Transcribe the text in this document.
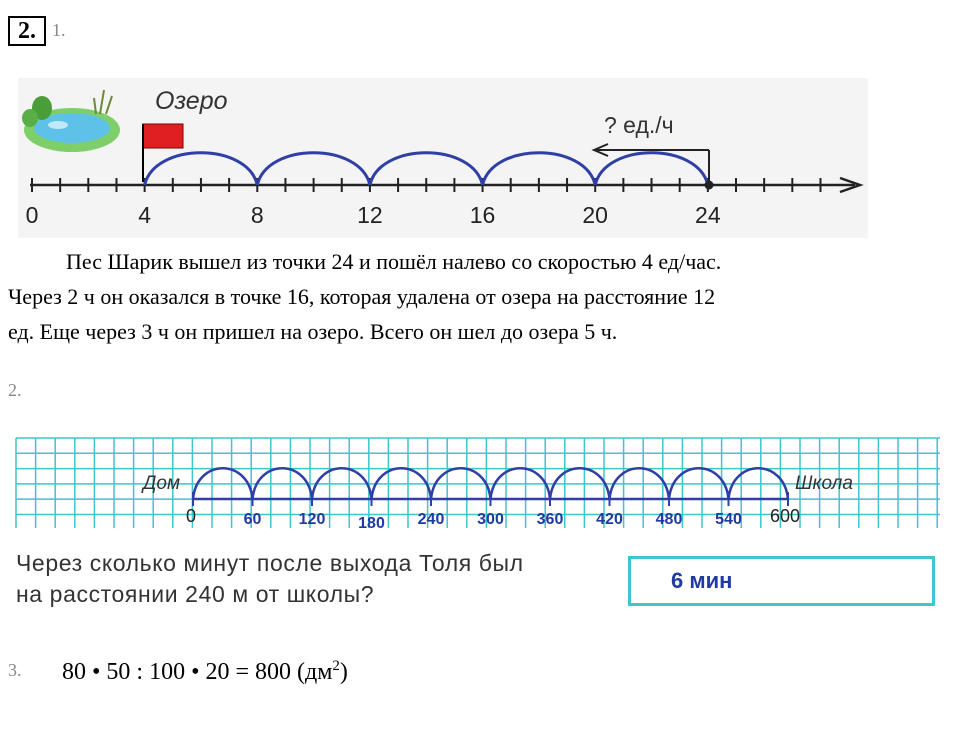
2. 1.
Озеро
? ед./ч
0	4	8	12	16	20	24
Пес Шарик вышел из точки 24 и пошёл налево со скоростью 4 ед/час.
Через 2 ч он оказался в точке 16, которая удалена от озера на расстояние 12
ед. Еще через 3 ч он пришел на озеро. Всего он шел до озера 5 ч.
2.
Дом	Школа
0	600
60 120 180 240 300 360 420 480 540
Через сколько минут после выхода Толя был
на расстоянии 240 м от школы?
6 мин
3. 80 • 50 : 100 • 20 = 800 $(дм^2)$
